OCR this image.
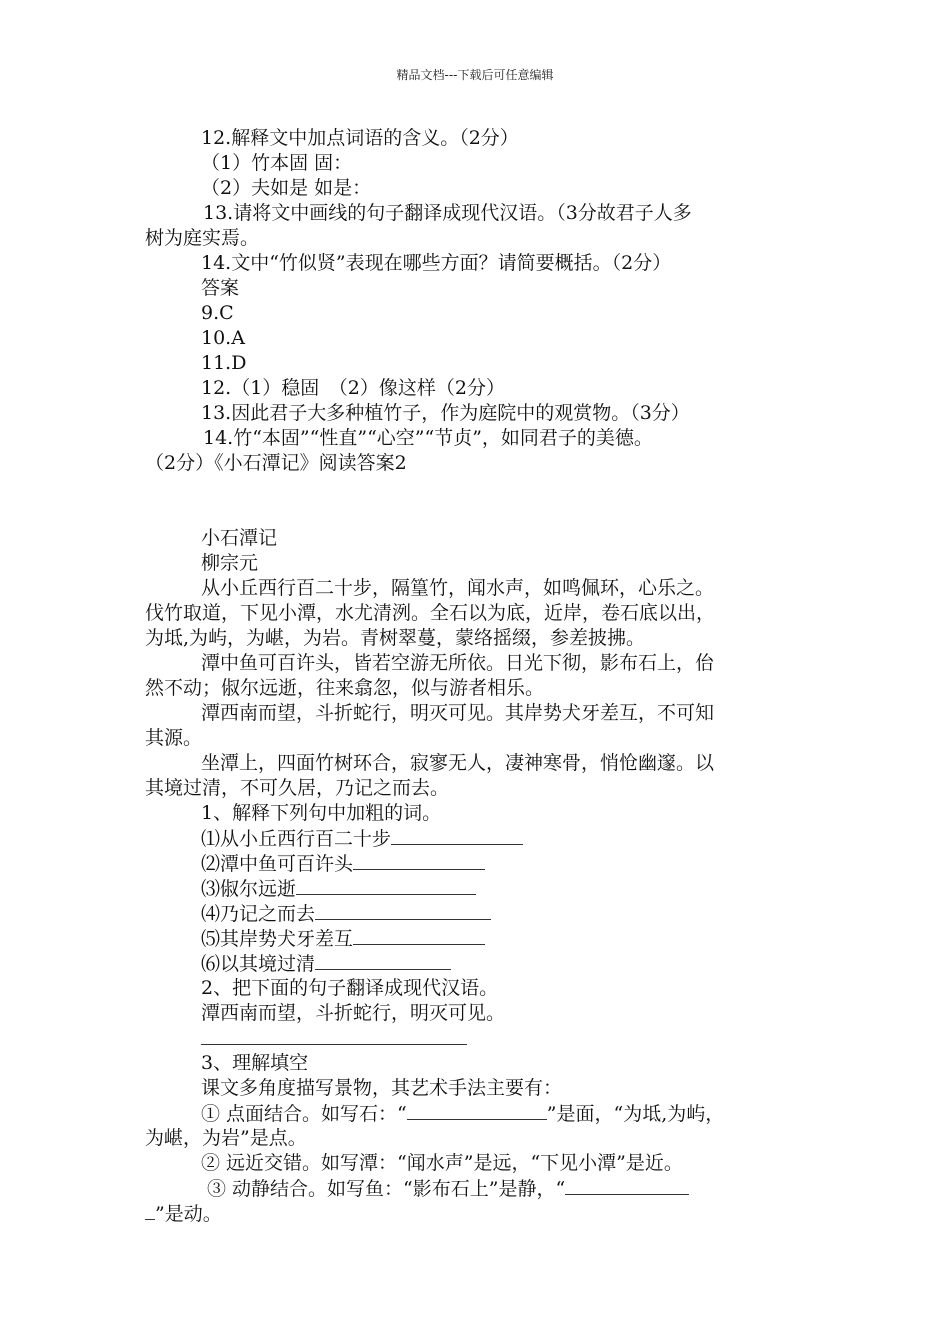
精品文档---下载后可任意编辑
12.解释文中加点词语的含义。（2分）
（1）竹本固 固：
（2）夫如是 如是：
13.请将文中画线的句子翻译成现代汉语。（3分故君子人多
树为庭实焉。
14.文中“竹似贤”表现在哪些方面？请简要概括。（2分）
答案
9.C
10.A
11.D
12.（1）稳固　（2）像这样（2分）
13.因此君子大多种植竹子，作为庭院中的观赏物。（3分）
14.竹“本固”“性直”“心空”“节贞”，如同君子的美德。
（2分）《小石潭记》阅读答案2
小石潭记
柳宗元
从小丘西行百二十步，隔篁竹，闻水声，如鸣佩环，心乐之。
伐竹取道，下见小潭，水尤清洌。全石以为底，近岸，卷石底以出，
为坻,为屿，为嵁，为岩。青树翠蔓，蒙络摇缀，参差披拂。
潭中鱼可百许头，皆若空游无所依。日光下彻，影布石上，佁
然不动；俶尔远逝，往来翕忽，似与游者相乐。
潭西南而望，斗折蛇行，明灭可见。其岸势犬牙差互，不可知
其源。
坐潭上，四面竹树环合，寂寥无人，凄神寒骨，悄怆幽邃。以
其境过清，不可久居，乃记之而去。
1、解释下列句中加粗的词。
⑴从小丘西行百二十步
⑵潭中鱼可百许头
⑶俶尔远逝
⑷乃记之而去
⑸其岸势犬牙差互
⑹以其境过清
2、把下面的句子翻译成现代汉语。
潭西南而望，斗折蛇行，明灭可见。
3、理解填空
课文多角度描写景物，其艺术手法主要有：
① 点面结合。如写石：“	”是面，“为坻,为屿，
为嵁，为岩”是点。
② 远近交错。如写潭：“闻水声”是远，“下见小潭”是近。
③ 动静结合。如写鱼：“影布石上”是静，“
”是动。
